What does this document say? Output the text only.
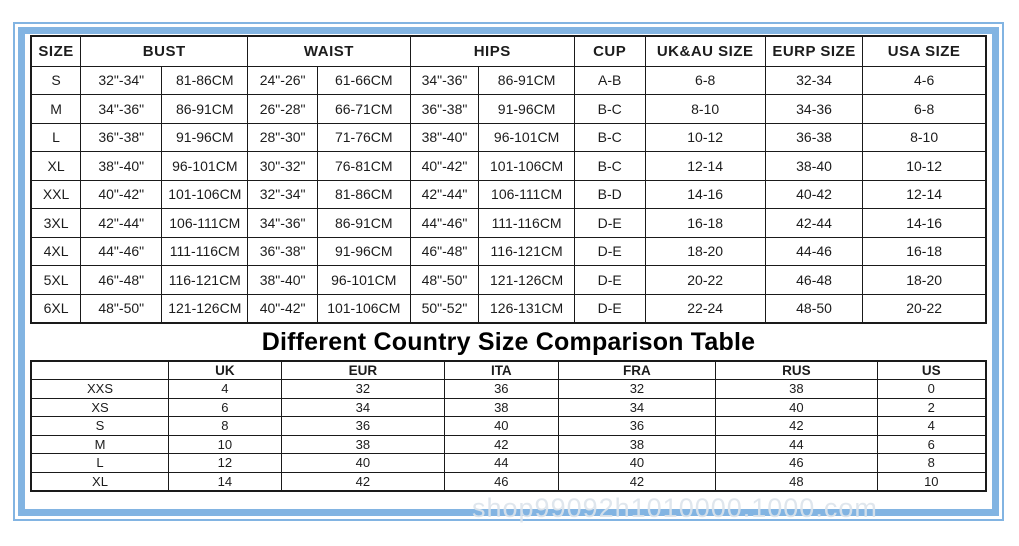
SIZE	BUST		WAIST		HIPS		CUP	UK&AU SIZE	EURP SIZE	USA SIZE
S	32"-34"	81-86CM	24"-26"	61-66CM	34"-36"	86-91CM	A-B	6-8	32-34	4-6
M	34"-36"	86-91CM	26"-28"	66-71CM	36"-38"	91-96CM	B-C	8-10	34-36	6-8
L	36"-38"	91-96CM	28"-30"	71-76CM	38"-40"	96-101CM	B-C	10-12	36-38	8-10
XL	38"-40"	96-101CM	30"-32"	76-81CM	40"-42"	101-106CM	B-C	12-14	38-40	10-12
XXL	40"-42"	101-106CM	32"-34"	81-86CM	42"-44"	106-111CM	B-D	14-16	40-42	12-14
3XL	42"-44"	106-111CM	34"-36"	86-91CM	44"-46"	111-116CM	D-E	16-18	42-44	14-16
4XL	44"-46"	111-116CM	36"-38"	91-96CM	46"-48"	116-121CM	D-E	18-20	44-46	16-18
5XL	46"-48"	116-121CM	38"-40"	96-101CM	48"-50"	121-126CM	D-E	20-22	46-48	18-20
6XL	48"-50"	121-126CM	40"-42"	101-106CM	50"-52"	126-131CM	D-E	22-24	48-50	20-22
Different Country Size Comparison Table
	UK	EUR	ITA	FRA	RUS	US
XXS	4	32	36	32	38	0
XS	6	34	38	34	40	2
S	8	36	40	36	42	4
M	10	38	42	38	44	6
L	12	40	44	40	46	8
XL	14	42	46	42	48	10
shop99092h1010000.1000.com
